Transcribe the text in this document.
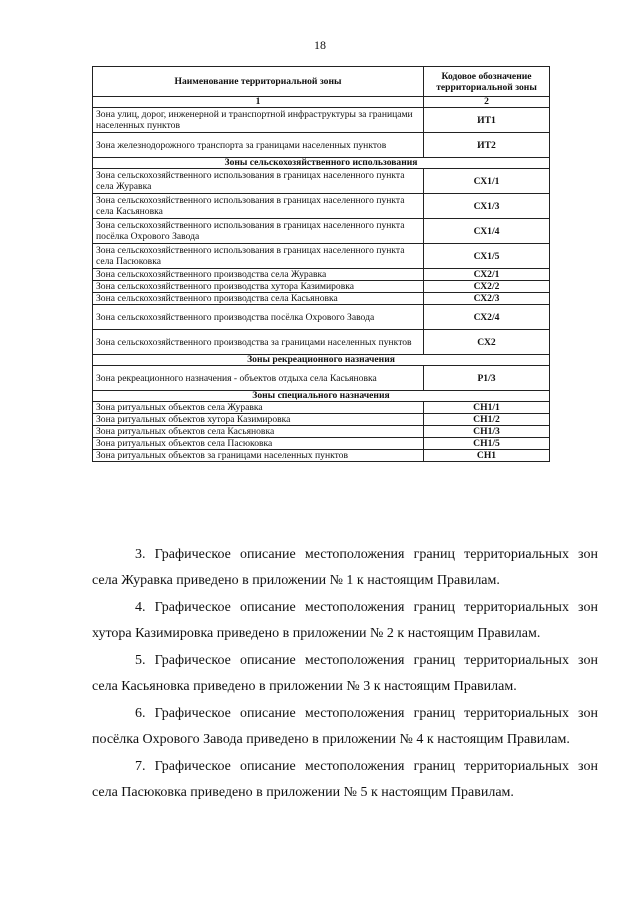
18
Наименование территориальной зоны	Кодовое обозначение территориальной зоны
1	2
Зона улиц, дорог, инженерной и транспортной инфраструктуры за границами населенных пунктов	ИТ1
Зона железнодорожного транспорта за границами населенных пунктов	ИТ2
Зоны сельскохозяйственного использования	
Зона сельскохозяйственного использования в границах населенного пункта села Журавка	СХ1/1
Зона сельскохозяйственного использования в границах населенного пункта села Касьяновка	СХ1/3
Зона сельскохозяйственного использования в границах населенного пункта посёлка Охрового Завода	СХ1/4
Зона сельскохозяйственного использования в границах населенного пункта села Пасюковка	СХ1/5
Зона сельскохозяйственного производства села Журавка	СХ2/1
Зона сельскохозяйственного производства хутора Казимировка	СХ2/2
Зона сельскохозяйственного производства села Касьяновка	СХ2/3
Зона сельскохозяйственного производства посёлка Охрового Завода	СХ2/4
Зона сельскохозяйственного производства за границами населенных пунктов	СХ2
Зоны рекреационного назначения	
Зона рекреационного назначения - объектов отдыха села Касьяновка	Р1/3
Зоны специального назначения	
Зона ритуальных объектов села Журавка	СН1/1
Зона ритуальных объектов хутора Казимировка	СН1/2
Зона ритуальных объектов села Касьяновка	СН1/3
Зона ритуальных объектов села Пасюковка	СН1/5
Зона ритуальных объектов за границами населенных пунктов	СН1

3. Графическое описание местоположения границ территориальных зон
села Журавка приведено в приложении № 1 к настоящим Правилам.

4. Графическое описание местоположения границ территориальных зон
хутора Казимировка приведено в приложении № 2 к настоящим Правилам.

5. Графическое описание местоположения границ территориальных зон
села Касьяновка приведено в приложении № 3 к настоящим Правилам.

6. Графическое описание местоположения границ территориальных зон
посёлка Охрового Завода приведено в приложении № 4 к настоящим Правилам.

7. Графическое описание местоположения границ территориальных зон
села Пасюковка приведено в приложении № 5 к настоящим Правилам.
